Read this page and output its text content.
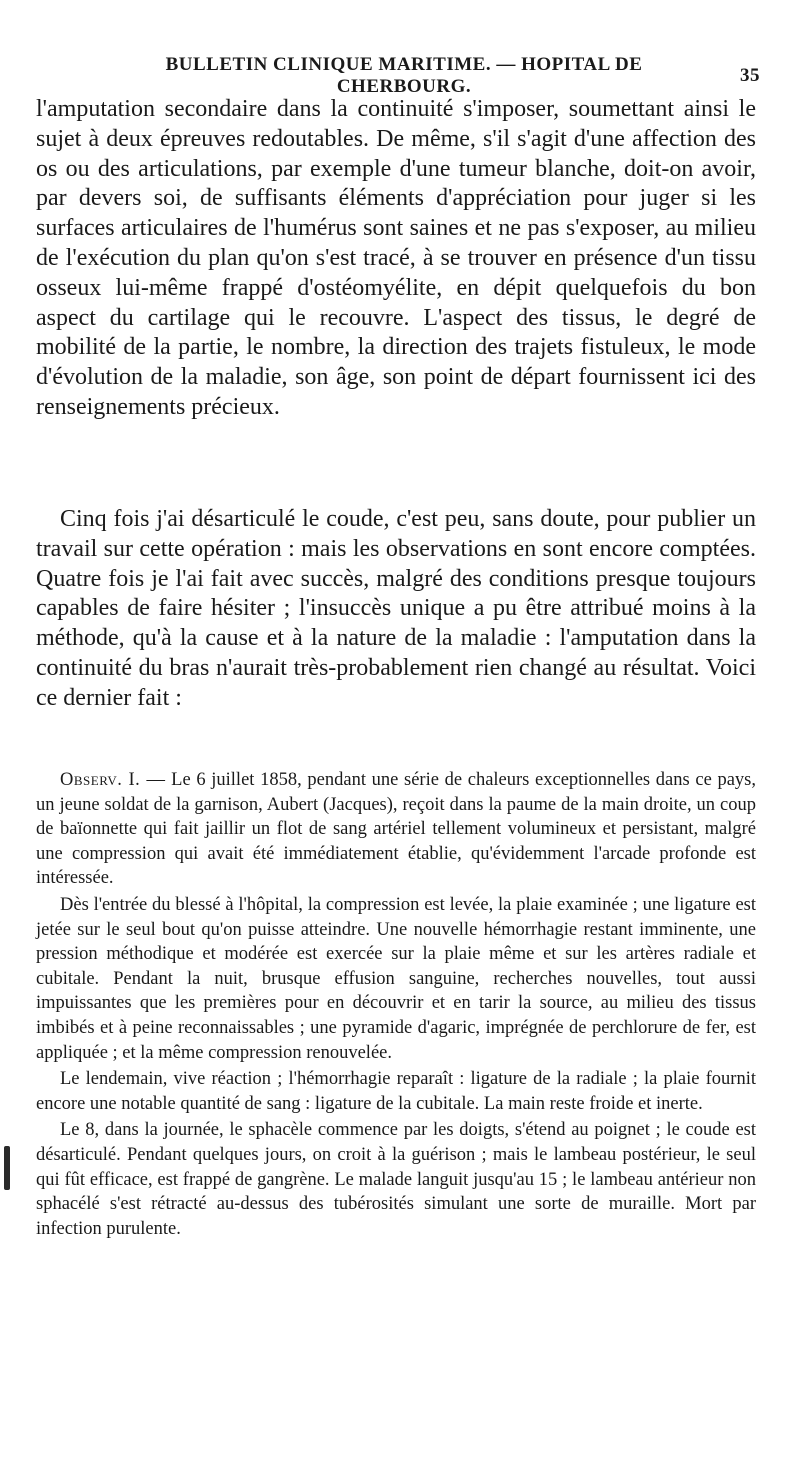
BULLETIN CLINIQUE MARITIME. — HOPITAL DE CHERBOURG.
35

l'amputation secondaire dans la continuité s'imposer, soumettant ainsi le sujet à deux épreuves redoutables. De même, s'il s'agit d'une affection des os ou des articulations, par exemple d'une tumeur blanche, doit-on avoir, par devers soi, de suffisants éléments d'appréciation pour juger si les surfaces articulaires de l'humérus sont saines et ne pas s'exposer, au milieu de l'exécution du plan qu'on s'est tracé, à se trouver en présence d'un tissu osseux lui-même frappé d'ostéomyélite, en dépit quelquefois du bon aspect du cartilage qui le recouvre. L'aspect des tissus, le degré de mobilité de la partie, le nombre, la direction des trajets fistuleux, le mode d'évolution de la maladie, son âge, son point de départ fournissent ici des renseignements précieux.

Cinq fois j'ai désarticulé le coude, c'est peu, sans doute, pour publier un travail sur cette opération : mais les observations en sont encore comptées. Quatre fois je l'ai fait avec succès, malgré des conditions presque toujours capables de faire hésiter ; l'insuccès unique a pu être attribué moins à la méthode, qu'à la cause et à la nature de la maladie : l'amputation dans la continuité du bras n'aurait très-probablement rien changé au résultat. Voici ce dernier fait :

Observ. I. — Le 6 juillet 1858, pendant une série de chaleurs exceptionnelles dans ce pays, un jeune soldat de la garnison, Aubert (Jacques), reçoit dans la paume de la main droite, un coup de baïonnette qui fait jaillir un flot de sang artériel tellement volumineux et persistant, malgré une compression qui avait été immédiatement établie, qu'évidemment l'arcade profonde est intéressée.

Dès l'entrée du blessé à l'hôpital, la compression est levée, la plaie examinée ; une ligature est jetée sur le seul bout qu'on puisse atteindre. Une nouvelle hémorrhagie restant imminente, une pression méthodique et modérée est exercée sur la plaie même et sur les artères radiale et cubitale. Pendant la nuit, brusque effusion sanguine, recherches nouvelles, tout aussi impuissantes que les premières pour en découvrir et en tarir la source, au milieu des tissus imbibés et à peine reconnaissables ; une pyramide d'agaric, imprégnée de perchlorure de fer, est appliquée ; et la même compression renouvelée.

Le lendemain, vive réaction ; l'hémorrhagie reparaît : ligature de la radiale ; la plaie fournit encore une notable quantité de sang : ligature de la cubitale. La main reste froide et inerte.

Le 8, dans la journée, le sphacèle commence par les doigts, s'étend au poignet ; le coude est désarticulé. Pendant quelques jours, on croit à la guérison ; mais le lambeau postérieur, le seul qui fût efficace, est frappé de gangrène. Le malade languit jusqu'au 15 ; le lambeau antérieur non sphacélé s'est rétracté au-dessus des tubérosités simulant une sorte de muraille. Mort par infection purulente.
